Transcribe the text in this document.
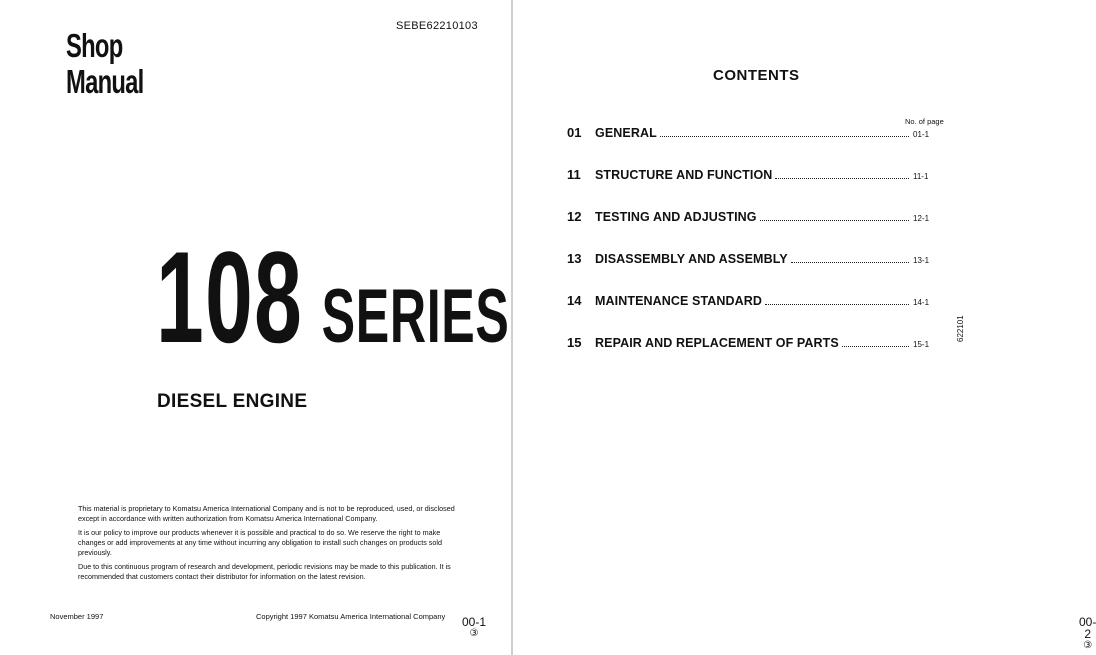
Shop
Manual
SEBE62210103
108 SERIES
DIESEL ENGINE

This material is proprietary to Komatsu America International Company and is not to be reproduced, used, or disclosed except in accordance with written authorization from Komatsu America International Company.

It is our policy to improve our products whenever it is possible and practical to do so. We reserve the right to make changes or add improvements at any time without incurring any obligation to install such changes on products sold previously.

Due to this continuous program of research and development, periodic revisions may be made to this publication. It is recommended that customers contact their distributor for information on the latest revision.

November 1997	Copyright 1997 Komatsu America International Company 00-1
③
CONTENTS
No. of page
01	GENERAL	01-1
11	STRUCTURE AND FUNCTION	11-1
12	TESTING AND ADJUSTING	12-1
13	DISASSEMBLY AND ASSEMBLY	13-1
14	MAINTENANCE STANDARD	14-1
15	REPAIR AND REPLACEMENT OF PARTS	15-1
622101
00-2
③
